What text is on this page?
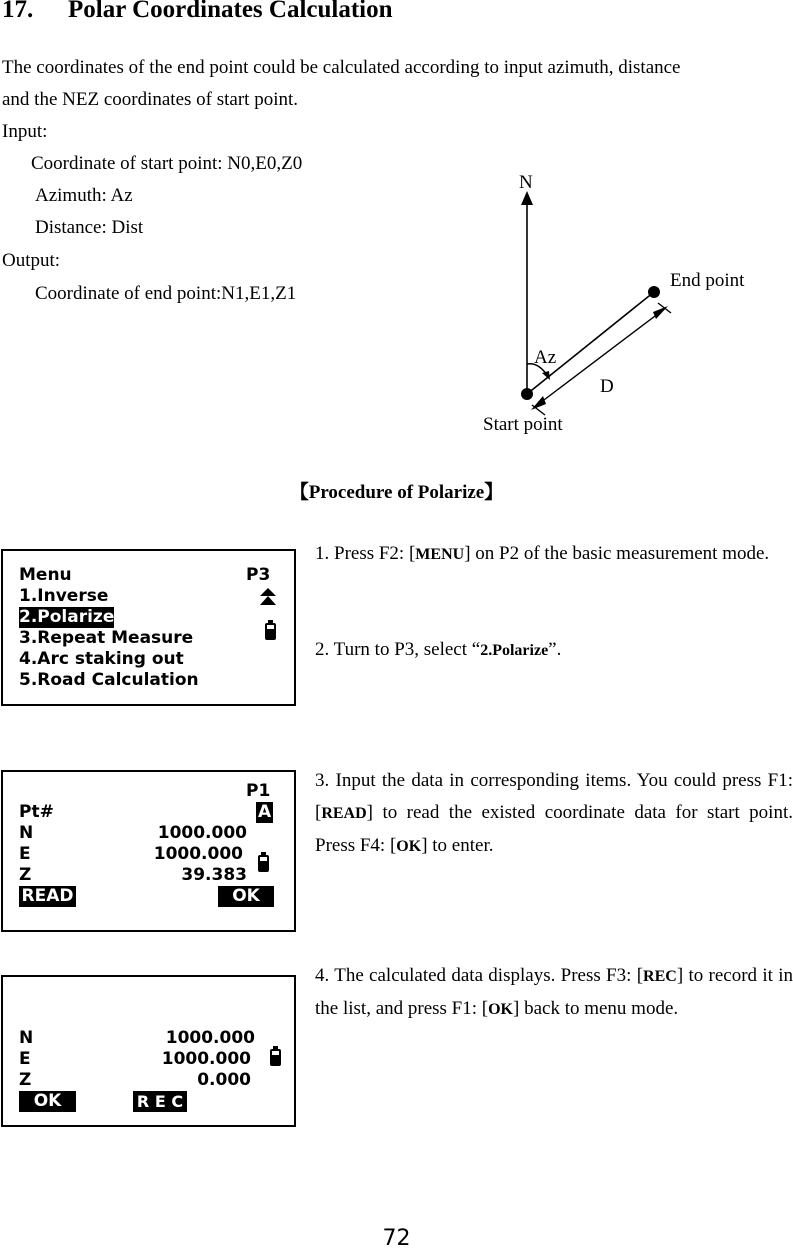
17. Polar Coordinates Calculation
The coordinates of the end point could be calculated according to input azimuth, distance
and the NEZ coordinates of start point.
Input:
Coordinate of start point: N0,E0,Z0
Azimuth: Az
Distance: Dist
Output:
Coordinate of end point:N1,E1,Z1
N
End point
Az
D
Start point
【Procedure of Polarize】
1. Press F2: [MENU] on P2 of the basic measurement mode.
2. Turn to P3, select “2.Polarize”.
3. Input the data in corresponding items. You could press F1: [READ] to read the existed coordinate data for start point. Press F4: [OK] to enter.
4. The calculated data displays. Press F3: [REC] to record it in the list, and press F1: [OK] back to menu mode.
Menu	P3
1.Inverse
2.Polarize
3.Repeat Measure
4.Arc staking out
5.Road Calculation
P1
Pt#	A
N	1000.000
E	1000.000
Z	39.383
READ	OK
N	1000.000
E	1000.000
Z	0.000
OK	R E C
72
